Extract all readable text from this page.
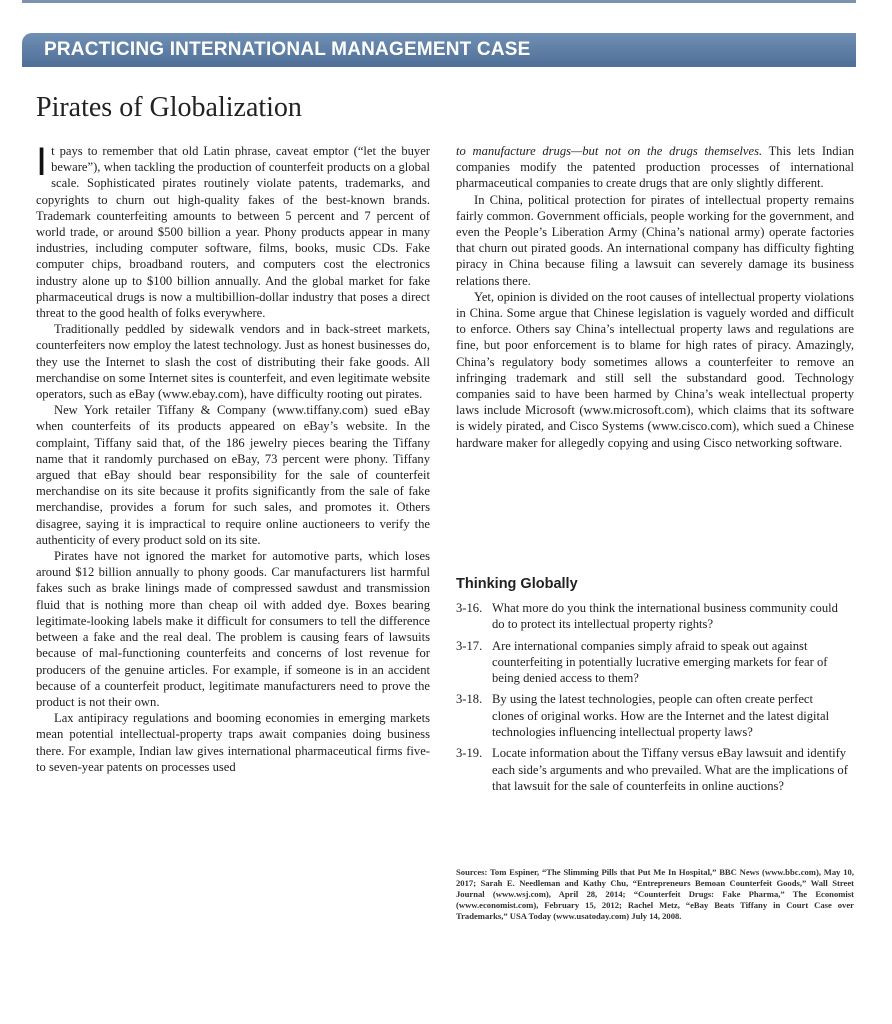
PRACTICING INTERNATIONAL MANAGEMENT CASE
Pirates of Globalization

It pays to remember that old Latin phrase, caveat emptor (“let the buyer beware”), when tackling the production of counterfeit products on a global scale. Sophisticated pirates routinely violate patents, trademarks, and copyrights to churn out high-quality fakes of the best-known brands. Trademark counterfeiting amounts to between 5 percent and 7 percent of world trade, or around $500 billion a year. Phony products appear in many industries, including computer software, films, books, music CDs. Fake computer chips, broadband routers, and computers cost the electronics industry alone up to $100 billion annually. And the global market for fake pharmaceutical drugs is now a multibillion-dollar industry that poses a direct threat to the good health of folks everywhere.

Traditionally peddled by sidewalk vendors and in back-street markets, counterfeiters now employ the latest technology. Just as honest businesses do, they use the Internet to slash the cost of distributing their fake goods. All merchandise on some Internet sites is counterfeit, and even legitimate website operators, such as eBay (www.ebay.com), have difficulty rooting out pirates.

New York retailer Tiffany & Company (www.tiffany.com) sued eBay when counterfeits of its products appeared on eBay’s website. In the complaint, Tiffany said that, of the 186 jewelry pieces bearing the Tiffany name that it randomly purchased on eBay, 73 percent were phony. Tiffany argued that eBay should bear responsibility for the sale of counterfeit merchandise on its site because it profits significantly from the sale of fake merchandise, provides a forum for such sales, and promotes it. Others disagree, saying it is impractical to require online auctioneers to verify the authenticity of every product sold on its site.

Pirates have not ignored the market for automotive parts, which loses around $12 billion annually to phony goods. Car manufacturers list harmful fakes such as brake linings made of compressed sawdust and transmission fluid that is nothing more than cheap oil with added dye. Boxes bearing legitimate-looking labels make it difficult for consumers to tell the difference between a fake and the real deal. The problem is causing fears of lawsuits because of mal-functioning counterfeits and concerns of lost revenue for producers of the genuine articles. For example, if someone is in an accident because of a counterfeit product, legitimate manufacturers need to prove the product is not their own.

Lax antipiracy regulations and booming economies in emerging markets mean potential intellectual-property traps await companies doing business there. For example, Indian law gives international pharmaceutical firms five- to seven-year patents on processes used

to manufacture drugs—but not on the drugs themselves. This lets Indian companies modify the patented production processes of international pharmaceutical companies to create drugs that are only slightly different.

In China, political protection for pirates of intellectual property remains fairly common. Government officials, people working for the government, and even the People’s Liberation Army (China’s national army) operate factories that churn out pirated goods. An international company has difficulty fighting piracy in China because filing a lawsuit can severely damage its business relations there.

Yet, opinion is divided on the root causes of intellectual property violations in China. Some argue that Chinese legislation is vaguely worded and difficult to enforce. Others say China’s intellectual property laws and regulations are fine, but poor enforcement is to blame for high rates of piracy. Amazingly, China’s regulatory body sometimes allows a counterfeiter to remove an infringing trademark and still sell the substandard good. Technology companies said to have been harmed by China’s weak intellectual property laws include Microsoft (www.microsoft.com), which claims that its software is widely pirated, and Cisco Systems (www.cisco.com), which sued a Chinese hardware maker for allegedly copying and using Cisco networking software.

Thinking Globally
3-16. What more do you think the international business community could do to protect its intellectual property rights?
3-17. Are international companies simply afraid to speak out against counterfeiting in potentially lucrative emerging markets for fear of being denied access to them?
3-18. By using the latest technologies, people can often create perfect clones of original works. How are the Internet and the latest digital technologies influencing intellectual property laws?
3-19. Locate information about the Tiffany versus eBay lawsuit and identify each side’s arguments and who prevailed. What are the implications of that lawsuit for the sale of counterfeits in online auctions?
Sources: Tom Espiner, “The Slimming Pills that Put Me In Hospital,” BBC News (www.bbc.com), May 10, 2017; Sarah E. Needleman and Kathy Chu, “Entrepreneurs Bemoan Counterfeit Goods,” Wall Street Journal (www.wsj.com), April 28, 2014; “Counterfeit Drugs: Fake Pharma,” The Economist (www.economist.com), February 15, 2012; Rachel Metz, “eBay Beats Tiffany in Court Case over Trademarks,” USA Today (www.usatoday.com) July 14, 2008.
